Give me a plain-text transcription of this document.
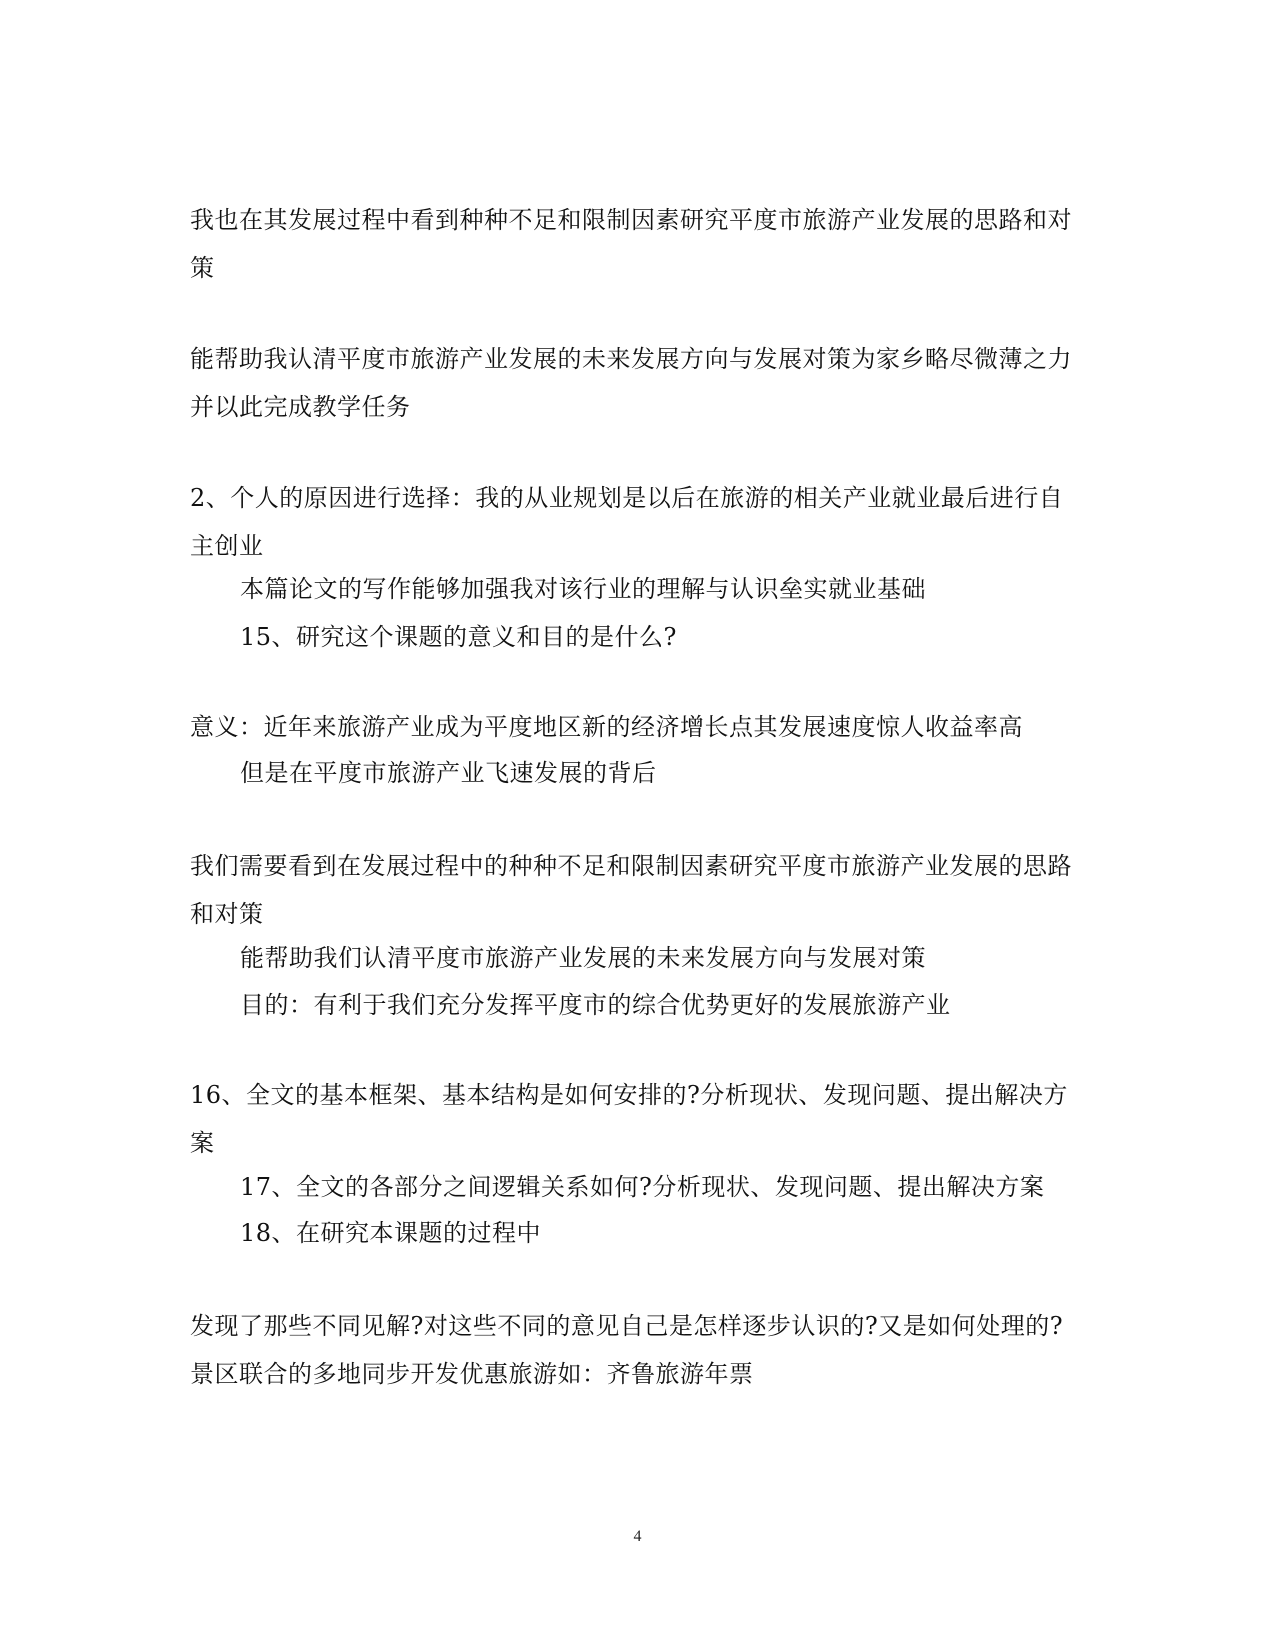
我也在其发展过程中看到种种不足和限制因素研究平度市旅游产业发展的思路和对策
能帮助我认清平度市旅游产业发展的未来发展方向与发展对策为家乡略尽微薄之力并以此完成教学任务
2、个人的原因进行选择：我的从业规划是以后在旅游的相关产业就业最后进行自主创业
本篇论文的写作能够加强我对该行业的理解与认识垒实就业基础
15、研究这个课题的意义和目的是什么?
意义：近年来旅游产业成为平度地区新的经济增长点其发展速度惊人收益率高
但是在平度市旅游产业飞速发展的背后
我们需要看到在发展过程中的种种不足和限制因素研究平度市旅游产业发展的思路和对策
能帮助我们认清平度市旅游产业发展的未来发展方向与发展对策
目的：有利于我们充分发挥平度市的综合优势更好的发展旅游产业
16、全文的基本框架、基本结构是如何安排的?分析现状、发现问题、提出解决方案
17、全文的各部分之间逻辑关系如何?分析现状、发现问题、提出解决方案
18、在研究本课题的过程中
发现了那些不同见解?对这些不同的意见自己是怎样逐步认识的?又是如何处理的?景区联合的多地同步开发优惠旅游如：齐鲁旅游年票
4
